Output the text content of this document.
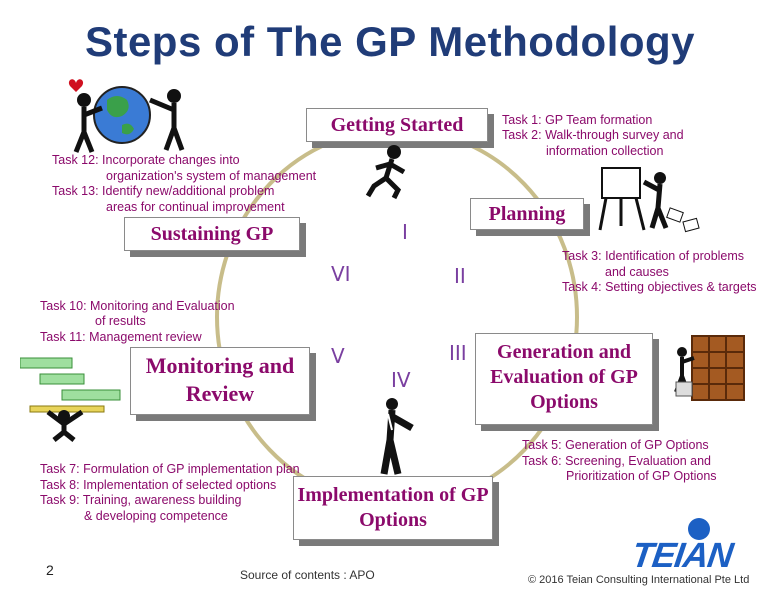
Steps of The GP Methodology
Getting Started
Planning
Generation and Evaluation of GP Options
Implementation of GP Options
Monitoring and Review
Sustaining GP	I
II
III
IV
V
VI
Task 1: GP Team formation
Task 2: Walk-through survey and
information collection
Task 3: Identification of problems
and causes
Task 4: Setting objectives & targets
Task 5: Generation of GP Options
Task 6: Screening, Evaluation and
Prioritization of GP Options
Task 7: Formulation of GP implementation plan
Task 8: Implementation of selected options
Task 9: Training, awareness building
& developing competence
Task 10: Monitoring and Evaluation
of results
Task 11: Management review
Task 12: Incorporate changes into
organization's system of management
Task 13: Identify new/additional problem
areas for continual improvement
2	Source of contents : APO	TEIAN
© 2016 Teian Consulting International Pte Ltd
